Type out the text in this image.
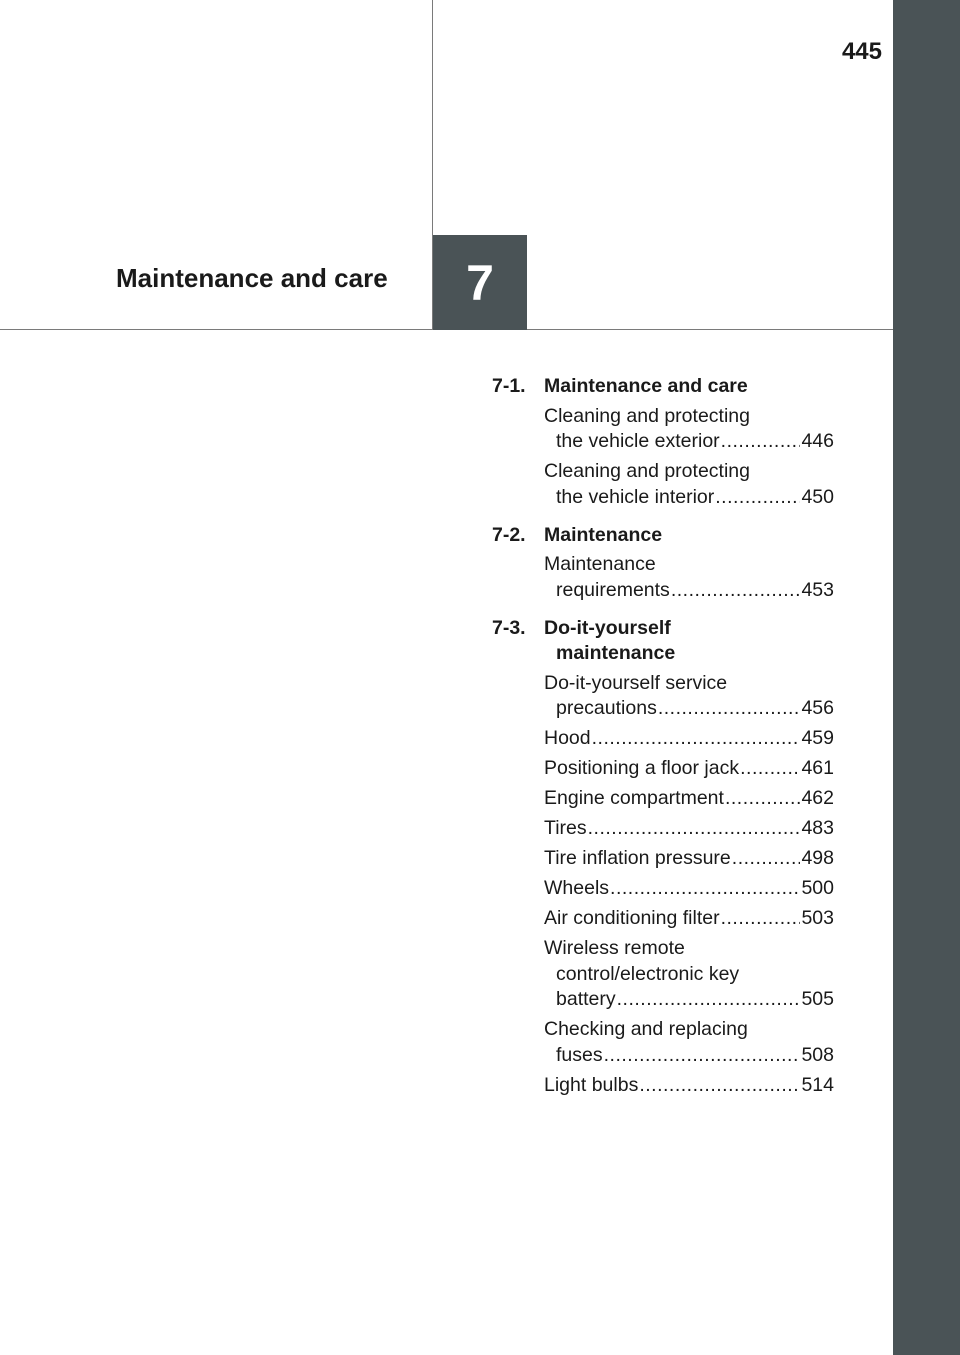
445
Maintenance and care 7
7-1. Maintenance and care
Cleaning and protecting
the vehicle exterior .....	446
Cleaning and protecting
the vehicle interior .....	450
7-2. Maintenance
Maintenance
requirements .....	453
7-3. Do-it-yourself
maintenance
Do-it-yourself service
precautions .....	456
Hood .....	459
Positioning a floor jack .....	461
Engine compartment .....	462
Tires .....	483
Tire inflation pressure .....	498
Wheels .....	500
Air conditioning filter .....	503
Wireless remote
control/electronic key
battery .....	505
Checking and replacing
fuses .....	508
Light bulbs .....	514
